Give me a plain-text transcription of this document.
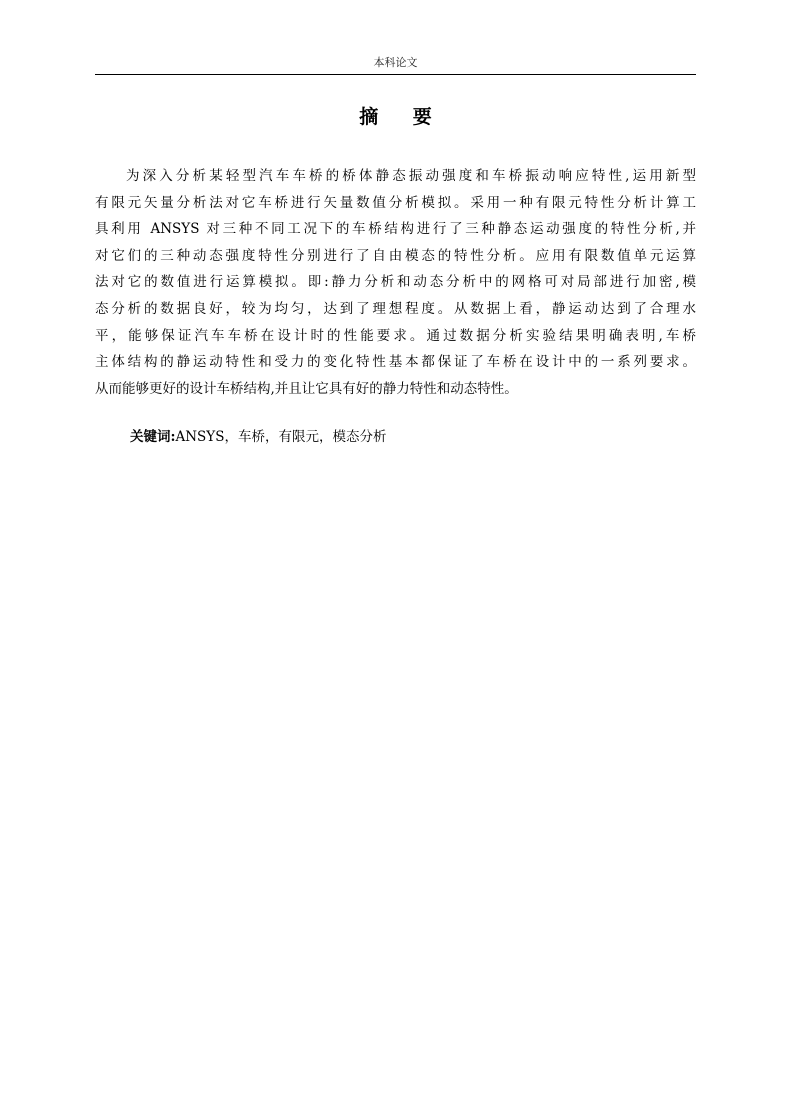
本科论文
摘 要
为深入分析某轻型汽车车桥的桥体静态振动强度和车桥振动响应特性,运用新型
有限元矢量分析法对它车桥进行矢量数值分析模拟。采用一种有限元特性分析计算工
具利用 ANSYS 对三种不同工况下的车桥结构进行了三种静态运动强度的特性分析,并
对它们的三种动态强度特性分别进行了自由模态的特性分析。应用有限数值单元运算
法对它的数值进行运算模拟。即:静力分析和动态分析中的网格可对局部进行加密,模
态分析的数据良好，较为均匀，达到了理想程度。从数据上看，静运动达到了合理水
平，能够保证汽车车桥在设计时的性能要求。通过数据分析实验结果明确表明,车桥
主体结构的静运动特性和受力的变化特性基本都保证了车桥在设计中的一系列要求。
从而能够更好的设计车桥结构,并且让它具有好的静力特性和动态特性。
关键词:ANSYS，车桥，有限元，模态分析
